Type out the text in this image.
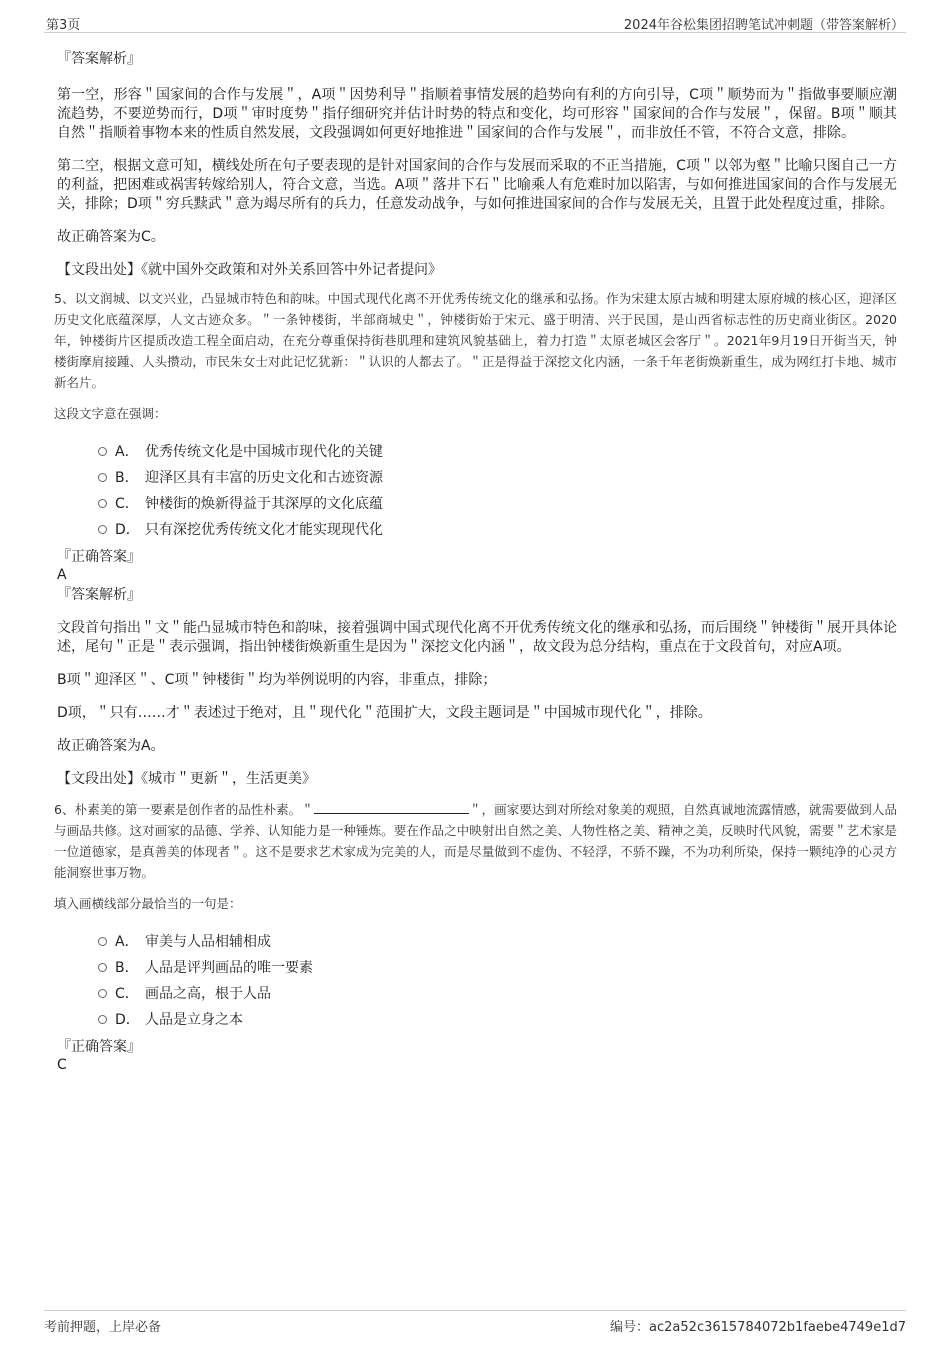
第3页	2024年谷松集团招聘笔试冲刺题（带答案解析）

『答案解析』

第一空，形容＂国家间的合作与发展＂，A项＂因势利导＂指顺着事情发展的趋势向有利的方向引导，C项＂顺势而为＂指做事要顺应潮流趋势，不要逆势而行，D项＂审时度势＂指仔细研究并估计时势的特点和变化，均可形容＂国家间的合作与发展＂，保留。B项＂顺其自然＂指顺着事物本来的性质自然发展，文段强调如何更好地推进＂国家间的合作与发展＂，而非放任不管，不符合文意，排除。

第二空，根据文意可知，横线处所在句子要表现的是针对国家间的合作与发展而采取的不正当措施，C项＂以邻为壑＂比喻只图自己一方的利益，把困难或祸害转嫁给别人，符合文意，当选。A项＂落井下石＂比喻乘人有危难时加以陷害，与如何推进国家间的合作与发展无关，排除；D项＂穷兵黩武＂意为竭尽所有的兵力，任意发动战争，与如何推进国家间的合作与发展无关，且置于此处程度过重，排除。

故正确答案为C。

【文段出处】《就中国外交政策和对外关系回答中外记者提问》

5、以文润城、以文兴业，凸显城市特色和韵味。中国式现代化离不开优秀传统文化的继承和弘扬。作为宋建太原古城和明建太原府城的核心区，迎泽区历史文化底蕴深厚，人文古迹众多。＂一条钟楼街，半部商城史＂，钟楼街始于宋元、盛于明清、兴于民国，是山西省标志性的历史商业街区。2020年，钟楼街片区提质改造工程全面启动，在充分尊重保持街巷肌理和建筑风貌基础上，着力打造＂太原老城区会客厅＂。2021年9月19日开街当天，钟楼街摩肩接踵、人头攒动，市民朱女士对此记忆犹新：＂认识的人都去了。＂正是得益于深挖文化内涵，一条千年老街焕新重生，成为网红打卡地、城市新名片。

这段文字意在强调：

A． 优秀传统文化是中国城市现代化的关键
B． 迎泽区具有丰富的历史文化和古迹资源
C． 钟楼街的焕新得益于其深厚的文化底蕴
D． 只有深挖优秀传统文化才能实现现代化

『正确答案』

A

『答案解析』

文段首句指出＂文＂能凸显城市特色和韵味，接着强调中国式现代化离不开优秀传统文化的继承和弘扬，而后围绕＂钟楼街＂展开具体论述，尾句＂正是＂表示强调，指出钟楼街焕新重生是因为＂深挖文化内涵＂，故文段为总分结构，重点在于文段首句，对应A项。

B项＂迎泽区＂、C项＂钟楼街＂均为举例说明的内容，非重点，排除；

D项，＂只有……才＂表述过于绝对，且＂现代化＂范围扩大，文段主题词是＂中国城市现代化＂，排除。

故正确答案为A。

【文段出处】《城市＂更新＂，生活更美》

6、朴素美的第一要素是创作者的品性朴素。＂	＂，画家要达到对所绘对象美的观照，自然真诚地流露情感，就需要做到人品与画品共修。这对画家的品德、学养、认知能力是一种锤炼。要在作品之中映射出自然之美、人物性格之美、精神之美，反映时代风貌，需要＂艺术家是一位道德家，是真善美的体现者＂。这不是要求艺术家成为完美的人，而是尽量做到不虚伪、不轻浮，不骄不躁，不为功利所染，保持一颗纯净的心灵方能洞察世事万物。

填入画横线部分最恰当的一句是：

A． 审美与人品相辅相成
B． 人品是评判画品的唯一要素
C． 画品之高，根于人品
D． 人品是立身之本

『正确答案』

C

考前押题，上岸必备	编号：ac2a52c3615784072b1faebe4749e1d7
